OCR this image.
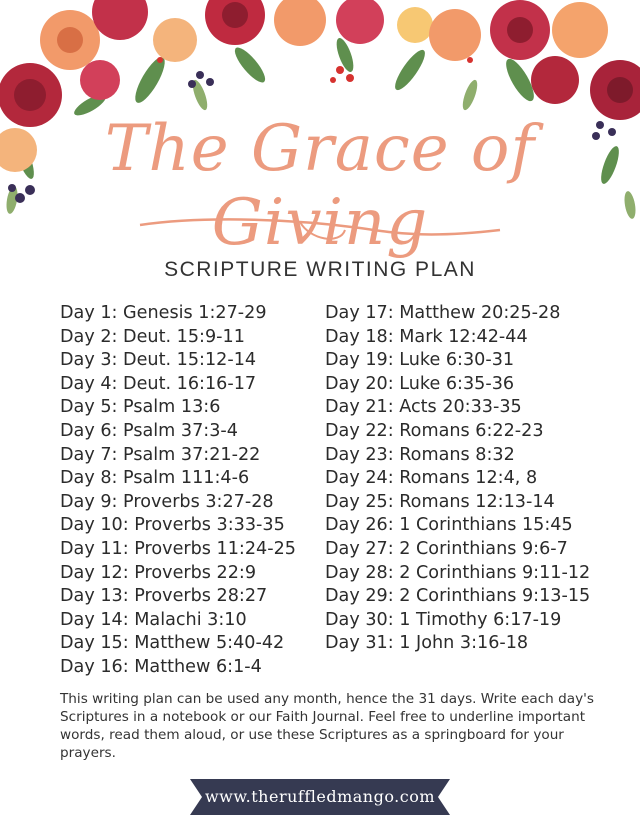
The Grace of Giving
SCRIPTURE WRITING PLAN
Day 1: Genesis 1:27-29
Day 2: Deut. 15:9-11
Day 3: Deut. 15:12-14
Day 4: Deut. 16:16-17
Day 5: Psalm 13:6
Day 6: Psalm 37:3-4
Day 7: Psalm 37:21-22
Day 8: Psalm 111:4-6
Day 9: Proverbs 3:27-28
Day 10: Proverbs 3:33-35
Day 11: Proverbs 11:24-25
Day 12: Proverbs 22:9
Day 13: Proverbs 28:27
Day 14: Malachi 3:10
Day 15: Matthew 5:40-42
Day 16: Matthew 6:1-4
Day 17: Matthew 20:25-28
Day 18: Mark 12:42-44
Day 19: Luke 6:30-31
Day 20: Luke 6:35-36
Day 21: Acts 20:33-35
Day 22: Romans 6:22-23
Day 23: Romans 8:32
Day 24: Romans 12:4, 8
Day 25: Romans 12:13-14
Day 26: 1 Corinthians 15:45
Day 27: 2 Corinthians 9:6-7
Day 28: 2 Corinthians 9:11-12
Day 29: 2 Corinthians 9:13-15
Day 30: 1 Timothy 6:17-19
Day 31: 1 John 3:16-18
This writing plan can be used any month, hence the 31 days. Write each day's Scriptures in a notebook or our Faith Journal. Feel free to underline important words, read them aloud, or use these Scriptures as a springboard for your prayers.
www.theruffledmango.com
